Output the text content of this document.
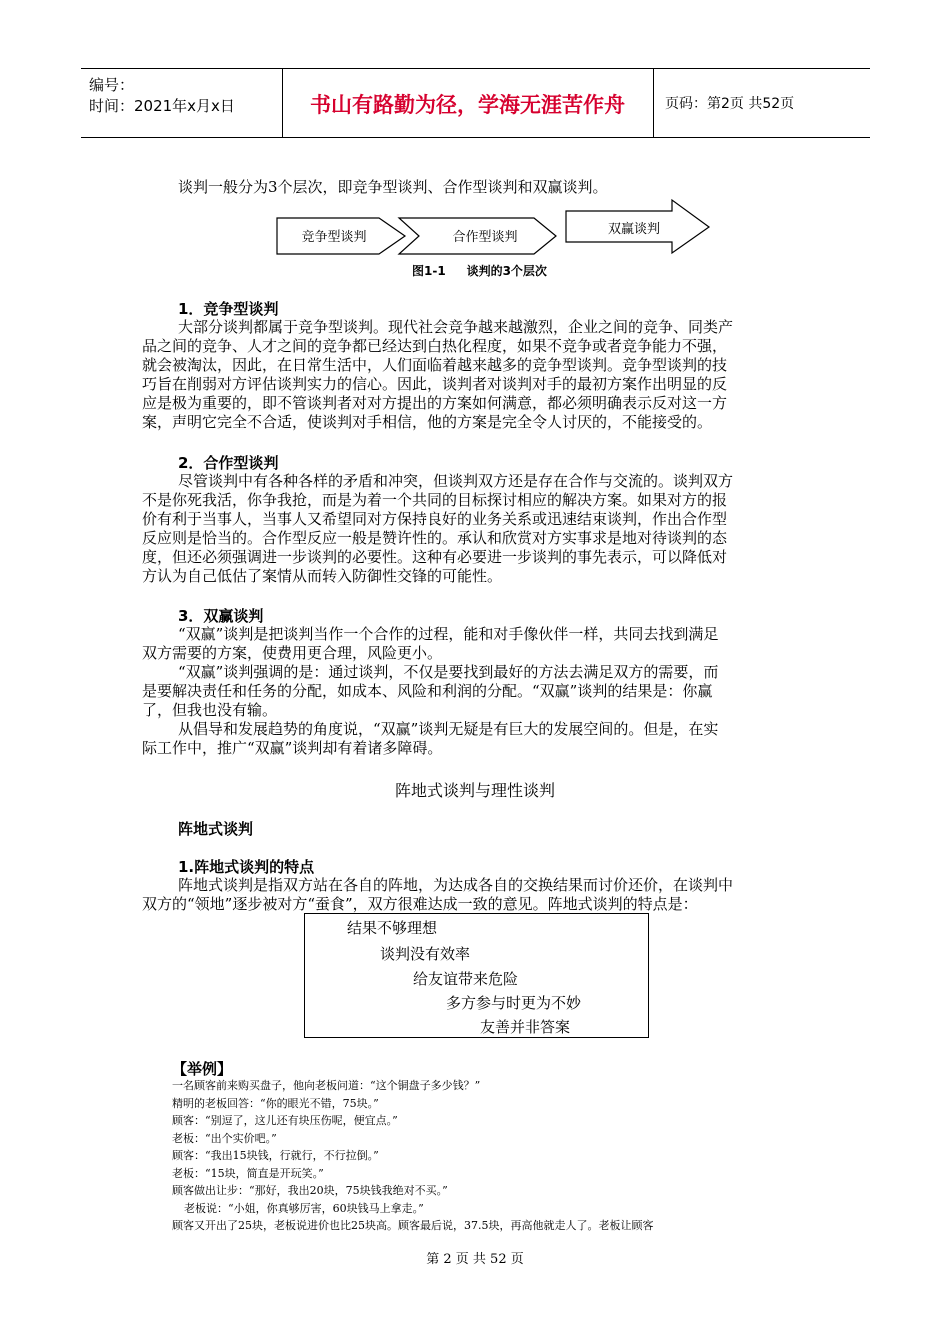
编号：
时间：2021年x月x日	书山有路勤为径，学海无涯苦作舟	页码：第2页 共52页
谈判一般分为3个层次，即竞争型谈判、合作型谈判和双赢谈判。
竞争型谈判	合作型谈判
双赢谈判
图1-1     谈判的3个层次
1．竞争型谈判
大部分谈判都属于竞争型谈判。现代社会竞争越来越激烈，企业之间的竞争、同类产
品之间的竞争、人才之间的竞争都已经达到白热化程度，如果不竞争或者竞争能力不强，
就会被淘汰，因此，在日常生活中，人们面临着越来越多的竞争型谈判。竞争型谈判的技
巧旨在削弱对方评估谈判实力的信心。因此，谈判者对谈判对手的最初方案作出明显的反
应是极为重要的，即不管谈判者对对方提出的方案如何满意，都必须明确表示反对这一方
案，声明它完全不合适，使谈判对手相信，他的方案是完全令人讨厌的，不能接受的。
2．合作型谈判
尽管谈判中有各种各样的矛盾和冲突，但谈判双方还是存在合作与交流的。谈判双方
不是你死我活，你争我抢，而是为着一个共同的目标探讨相应的解决方案。如果对方的报
价有利于当事人，当事人又希望同对方保持良好的业务关系或迅速结束谈判，作出合作型
反应则是恰当的。合作型反应一般是赞许性的。承认和欣赏对方实事求是地对待谈判的态
度，但还必须强调进一步谈判的必要性。这种有必要进一步谈判的事先表示，可以降低对
方认为自己低估了案情从而转入防御性交锋的可能性。
3．双赢谈判
“双赢”谈判是把谈判当作一个合作的过程，能和对手像伙伴一样，共同去找到满足
双方需要的方案，使费用更合理，风险更小。
“双赢”谈判强调的是：通过谈判，不仅是要找到最好的方法去满足双方的需要，而
是要解决责任和任务的分配，如成本、风险和利润的分配。“双赢”谈判的结果是：你赢
了，但我也没有输。
从倡导和发展趋势的角度说，“双赢”谈判无疑是有巨大的发展空间的。但是，在实
际工作中，推广“双赢”谈判却有着诸多障碍。
阵地式谈判与理性谈判
阵地式谈判
1.阵地式谈判的特点
阵地式谈判是指双方站在各自的阵地，为达成各自的交换结果而讨价还价，在谈判中
双方的“领地”逐步被对方“蚕食”，双方很难达成一致的意见。阵地式谈判的特点是：
结果不够理想
谈判没有效率
给友谊带来危险
多方参与时更为不妙
友善并非答案
【举例】
一名顾客前来购买盘子，他向老板问道：“这个铜盘子多少钱？”
精明的老板回答：“你的眼光不错，75块。”
顾客：“别逗了，这儿还有块压伤呢，便宜点。”
老板：“出个实价吧。”
顾客：“我出15块钱，行就行，不行拉倒。”
老板：“15块，简直是开玩笑。”
顾客做出让步：“那好，我出20块，75块钱我绝对不买。”
老板说：“小姐，你真够厉害，60块钱马上拿走。”
顾客又开出了25块，老板说进价也比25块高。顾客最后说，37.5块，再高他就走人了。老板让顾客
第 2 页 共 52 页
